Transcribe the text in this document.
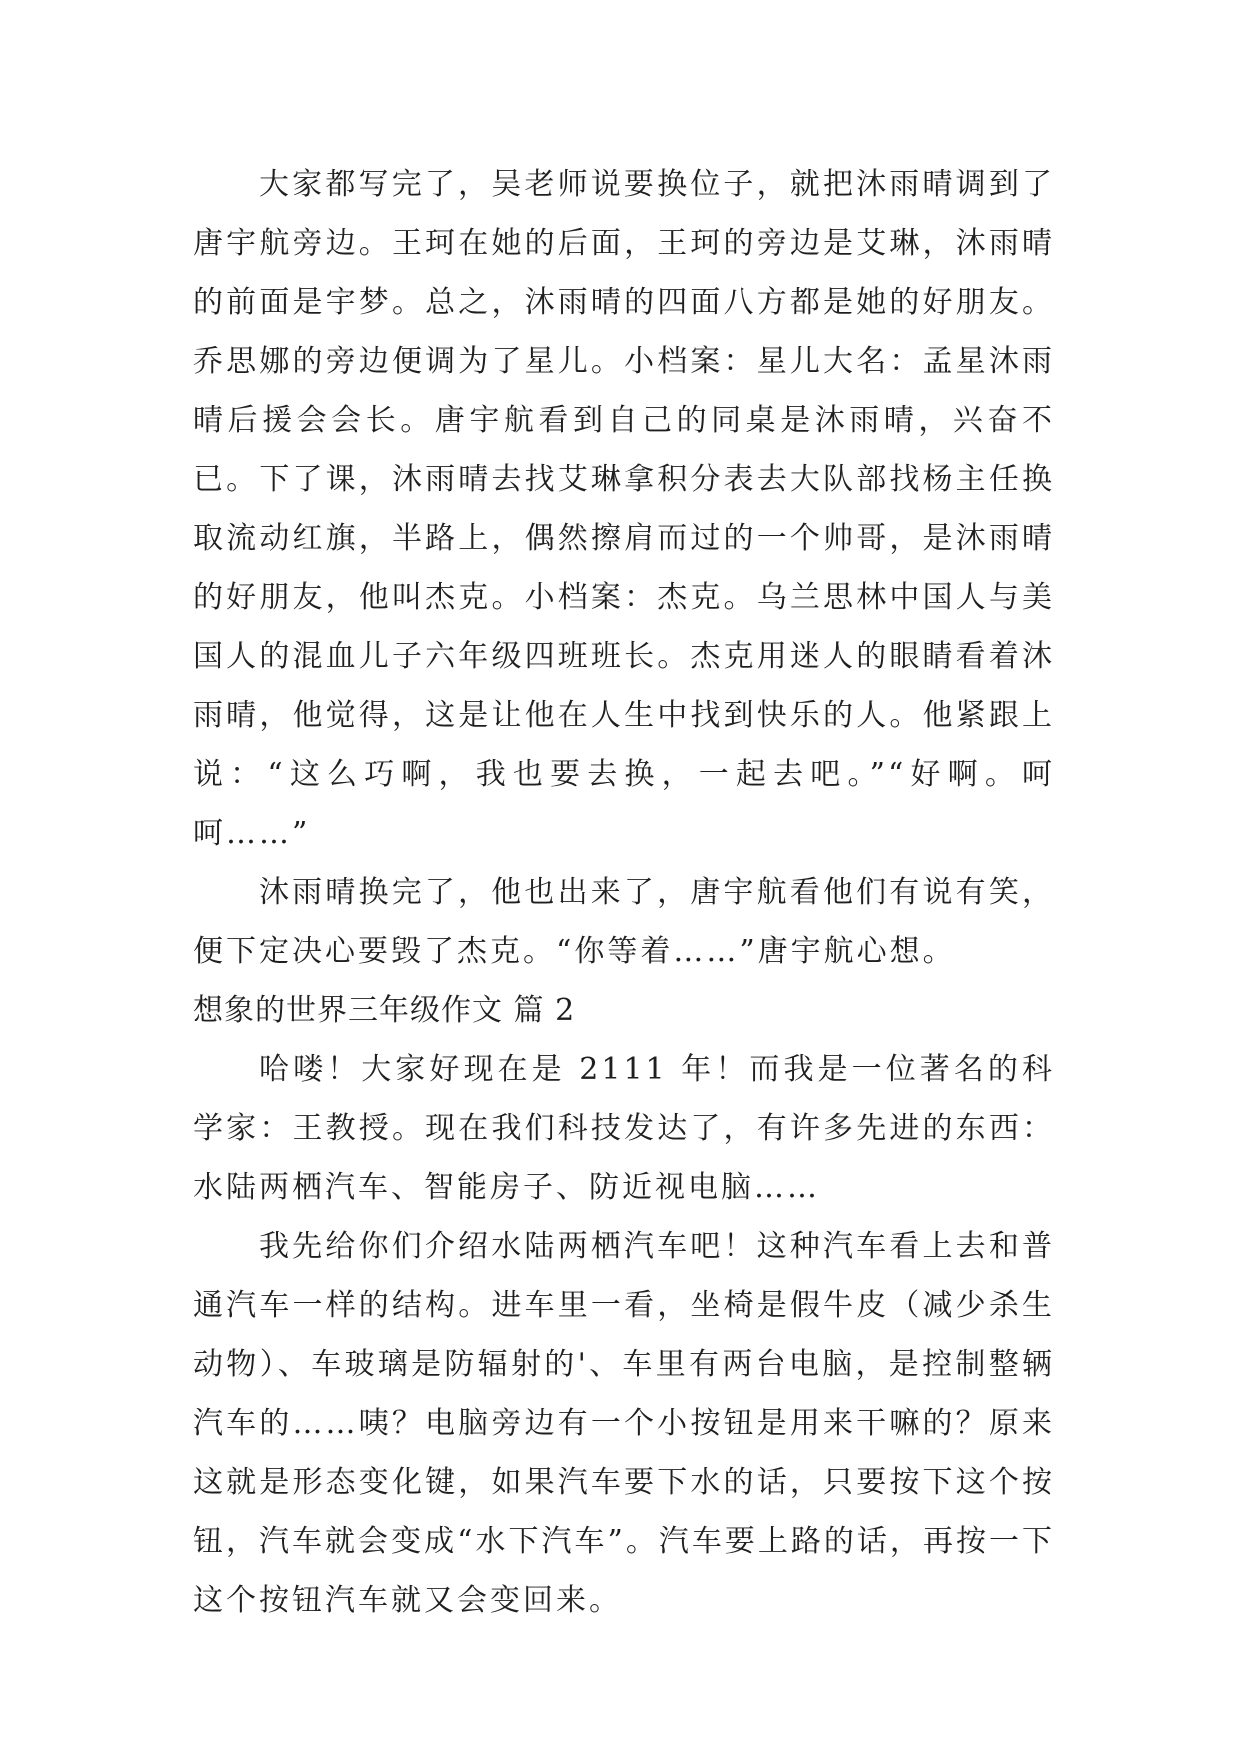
大家都写完了，吴老师说要换位子，就把沐雨晴调到了唐宇航旁边。王珂在她的后面，王珂的旁边是艾琳，沐雨晴的前面是宇梦。总之，沐雨晴的四面八方都是她的好朋友。乔思娜的旁边便调为了星儿。小档案：星儿大名：孟星沐雨晴后援会会长。唐宇航看到自己的同桌是沐雨晴，兴奋不已。下了课，沐雨晴去找艾琳拿积分表去大队部找杨主任换取流动红旗，半路上，偶然擦肩而过的一个帅哥，是沐雨晴的好朋友，他叫杰克。小档案：杰克。乌兰思林中国人与美国人的混血儿子六年级四班班长。杰克用迷人的眼睛看着沐雨晴，他觉得，这是让他在人生中找到快乐的人。他紧跟上说：“这么巧啊，我也要去换，一起去吧。”“好啊。呵呵……”

沐雨晴换完了，他也出来了，唐宇航看他们有说有笑，便下定决心要毁了杰克。“你等着……”唐宇航心想。

想象的世界三年级作文 篇 2

哈喽！大家好现在是 2111 年！而我是一位著名的科学家：王教授。现在我们科技发达了，有许多先进的东西：水陆两栖汽车、智能房子、防近视电脑……

我先给你们介绍水陆两栖汽车吧！这种汽车看上去和普通汽车一样的结构。进车里一看，坐椅是假牛皮（减少杀生动物）、车玻璃是防辐射的'、车里有两台电脑，是控制整辆汽车的……咦？电脑旁边有一个小按钮是用来干嘛的？原来这就是形态变化键，如果汽车要下水的话，只要按下这个按钮，汽车就会变成“水下汽车”。汽车要上路的话，再按一下这个按钮汽车就又会变回来。
